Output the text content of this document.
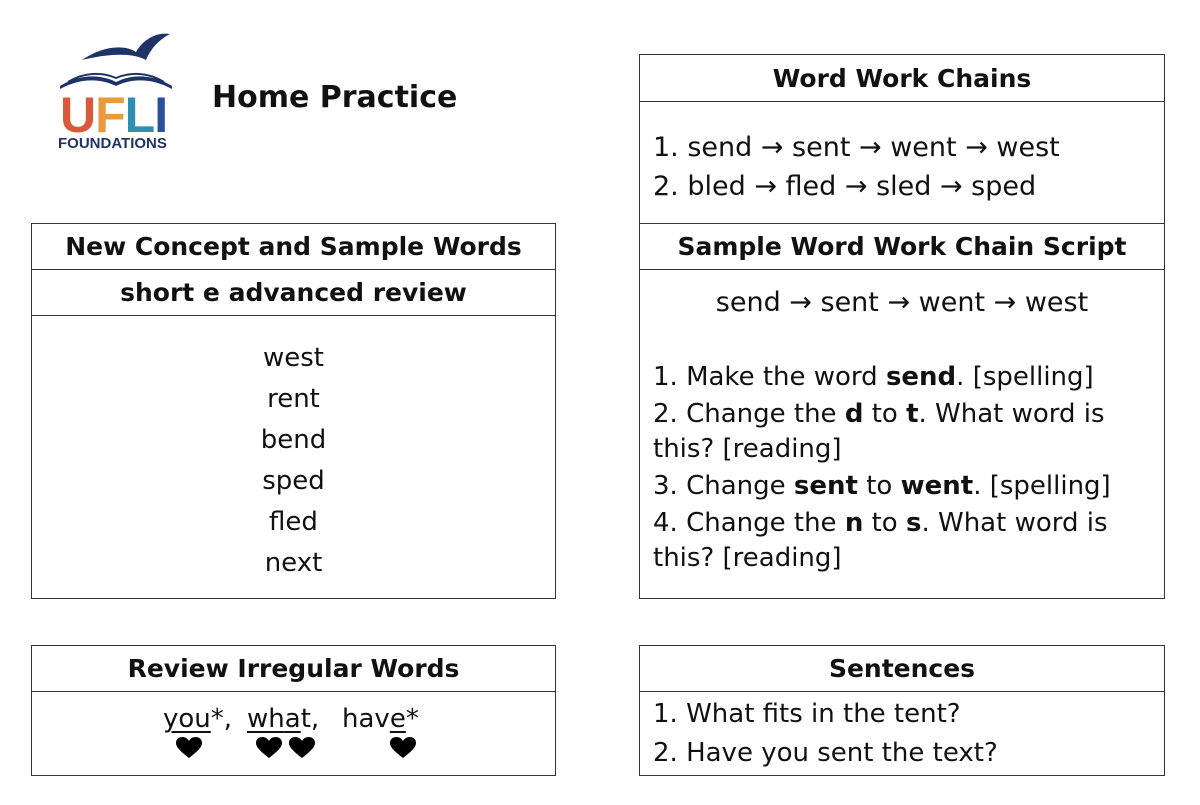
UFLI
FOUNDATIONS
Home Practice
New Concept and Sample Words
short e advanced review
west
rent
bend
sped
fled
next
Review Irregular Words
you*, what, have*
Word Work Chains
1. send → sent → went → west
2. bled → fled → sled → sped
Sample Word Work Chain Script
send → sent → went → west
1. Make the word send. [spelling]
2. Change the d to t. What word is this? [reading]
3. Change sent to went. [spelling]
4. Change the n to s. What word is this? [reading]
Sentences
1. What fits in the tent?
2. Have you sent the text?
